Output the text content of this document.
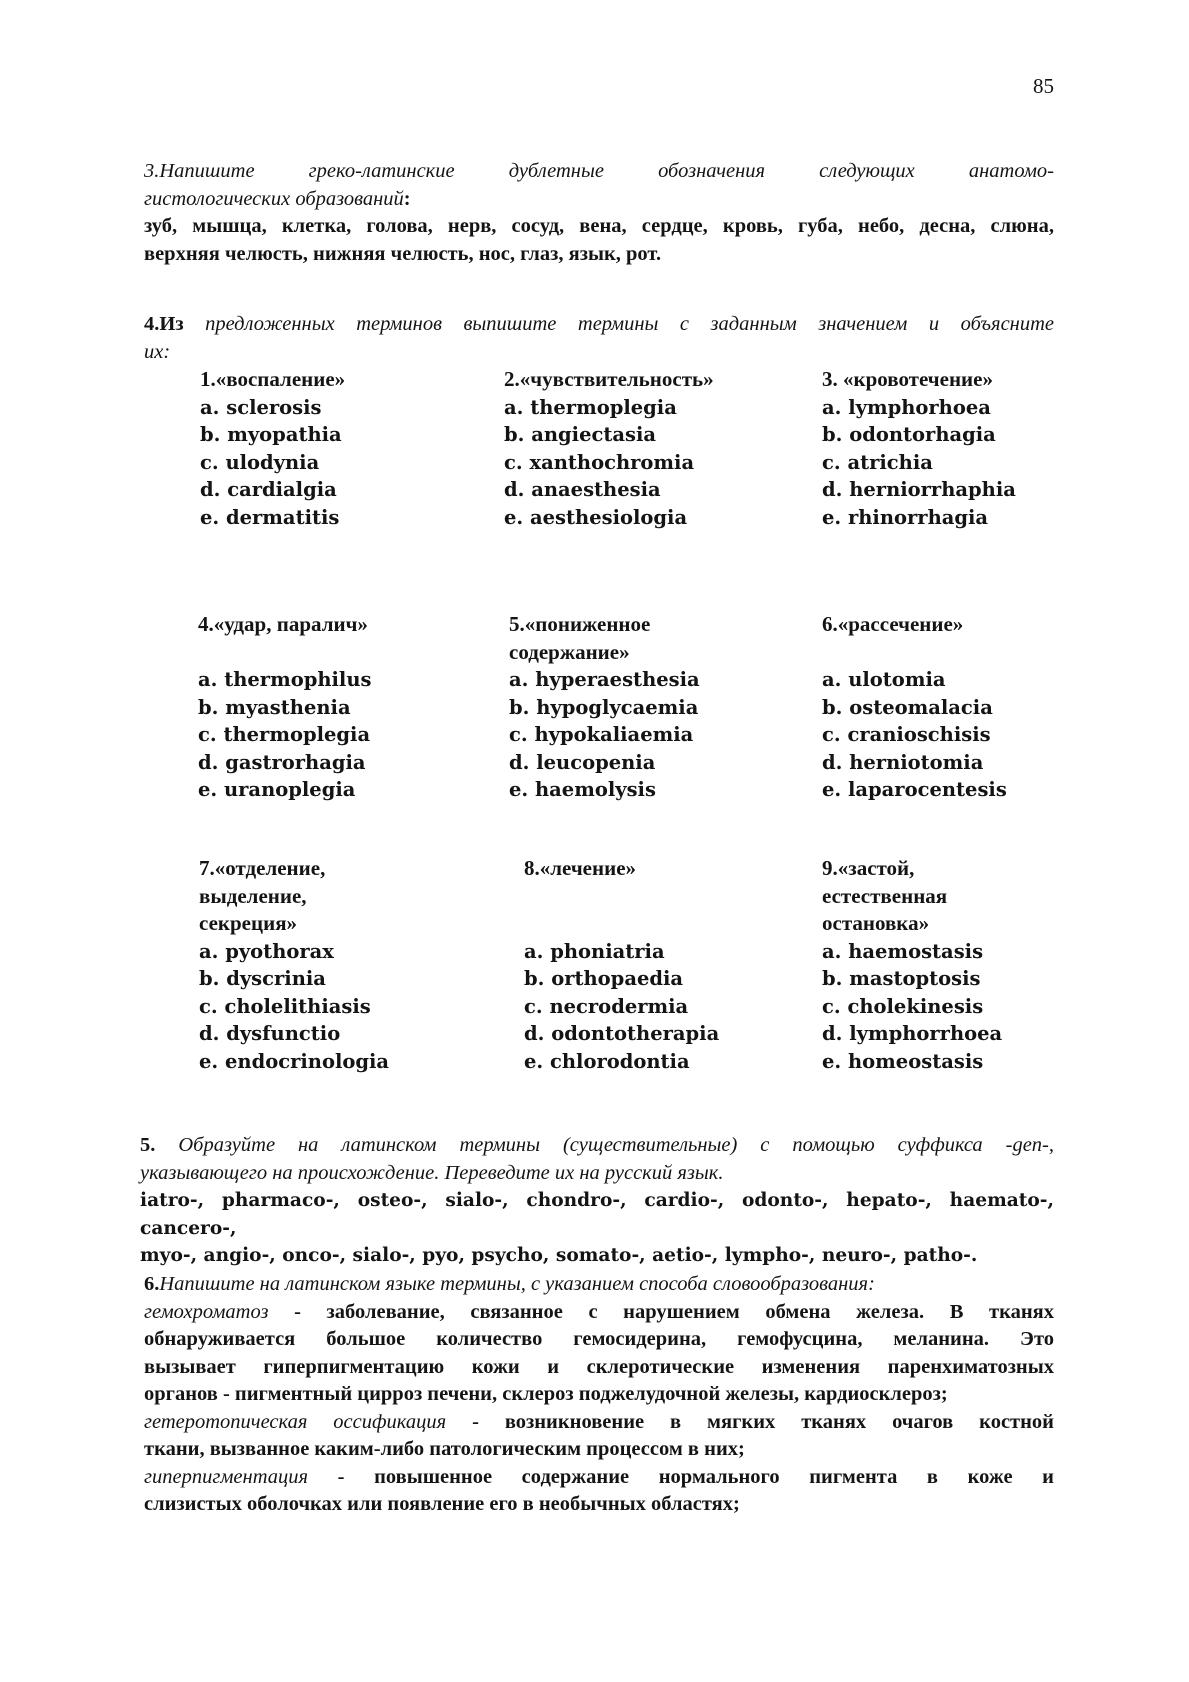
85
3.Напишите греко-латинские дублетные обозначения следующих анатомо-
гистологических образований:
зуб, мышца, клетка, голова, нерв, сосуд, вена, сердце, кровь, губа, небо, десна, слюна,
верхняя челюсть, нижняя челюсть, нос, глаз, язык, рот.
4.Из предложенных терминов выпишите термины с заданным значением и объясните
их:
1.«воспаление»
a. sclerosis
b. myopathia
c. ulodynia
d. cardialgia
e. dermatitis
2.«чувствительность»
a. thermoplegia
b. angiectasia
c. xanthochromia
d. anaesthesia
e. aesthesiologia
3. «кровотечение»
a. lymphorhoea
b. odontorhagia
c. atrichia
d. herniorrhaphia
e. rhinorrhagia
4.«удар, паралич»
a. thermophilus
b. myasthenia
c. thermoplegia
d. gastrorhagia
e. uranoplegia
5.«пониженное
содержание»
a. hyperaesthesia
b. hypoglycaemia
c. hypokaliaemia
d. leucopenia
e. haemolysis
6.«рассечение»
a. ulotomia
b. osteomalacia
c. cranioschisis
d. herniotomia
e. laparocentesis
7.«отделение,
выделение,
секреция»
a. pyothorax
b. dyscrinia
c. cholelithiasis
d. dysfunctio
e. endocrinologia
8.«лечение»
a. phoniatria
b. orthopaedia
c. necrodermia
d. odontotherapia
e. chlorodontia
9.«застой,
естественная
остановка»
a. haemostasis
b. mastoptosis
c. cholekinesis
d. lymphorrhoea
e. homeostasis
5. Образуйте на латинском термины (существительные) с помощью суффикса -gen-,
указывающего на происхождение. Переведите их на русский язык.
iatro-, pharmaco-, osteo-, sialo-, chondro-, cardio-, odonto-, hepato-, haemato-, cancero-,
myo-, angio-, onco-, sialo-, pyo, psycho, somato-, aetio-, lympho-, neuro-, patho-.
6.Напишите на латинском языке термины, с указанием способа словообразования:
гемохроматоз - заболевание, связанное с нарушением обмена железа. В тканях
обнаруживается большое количество гемосидерина, гемофусцина, меланина. Это
вызывает гиперпигментацию кожи и склеротические изменения паренхиматозных
органов - пигментный цирроз печени, склероз поджелудочной железы, кардиосклероз;
гетеротопическая оссификация - возникновение в мягких тканях очагов костной
ткани, вызванное каким-либо патологическим процессом в них;
гиперпигментация - повышенное содержание нормального пигмента в коже и
слизистых оболочках или появление его в необычных областях;
